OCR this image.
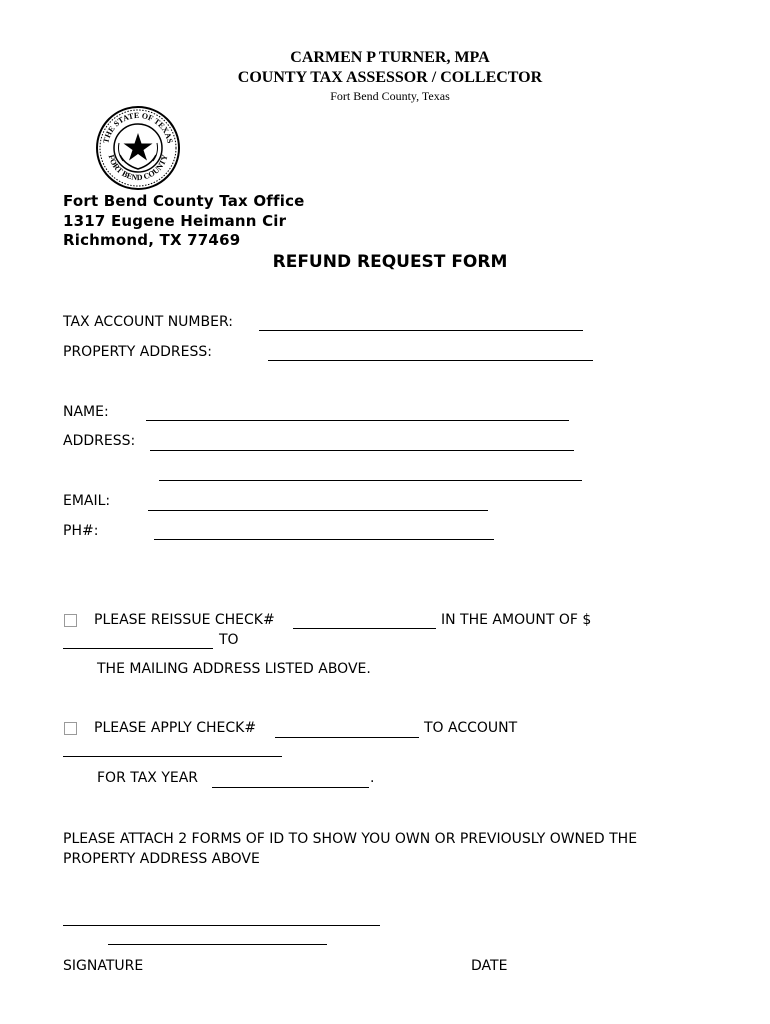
CARMEN P TURNER, MPA
COUNTY TAX ASSESSOR / COLLECTOR
Fort Bend County, Texas
THE STATE OF TEXAS
FORT BEND COUNTY
Fort Bend County Tax Office
1317 Eugene Heimann Cir
Richmond, TX 77469
REFUND REQUEST FORM
TAX ACCOUNT NUMBER:
PROPERTY ADDRESS:
NAME:
ADDRESS:
EMAIL:
PH#:
PLEASE REISSUE CHECK#	IN THE AMOUNT OF $
TO
THE MAILING ADDRESS LISTED ABOVE.
PLEASE APPLY CHECK#	TO ACCOUNT
FOR TAX YEAR	.
PLEASE ATTACH 2 FORMS OF ID TO SHOW YOU OWN OR PREVIOUSLY OWNED THE PROPERTY ADDRESS ABOVE
SIGNATURE	DATE
